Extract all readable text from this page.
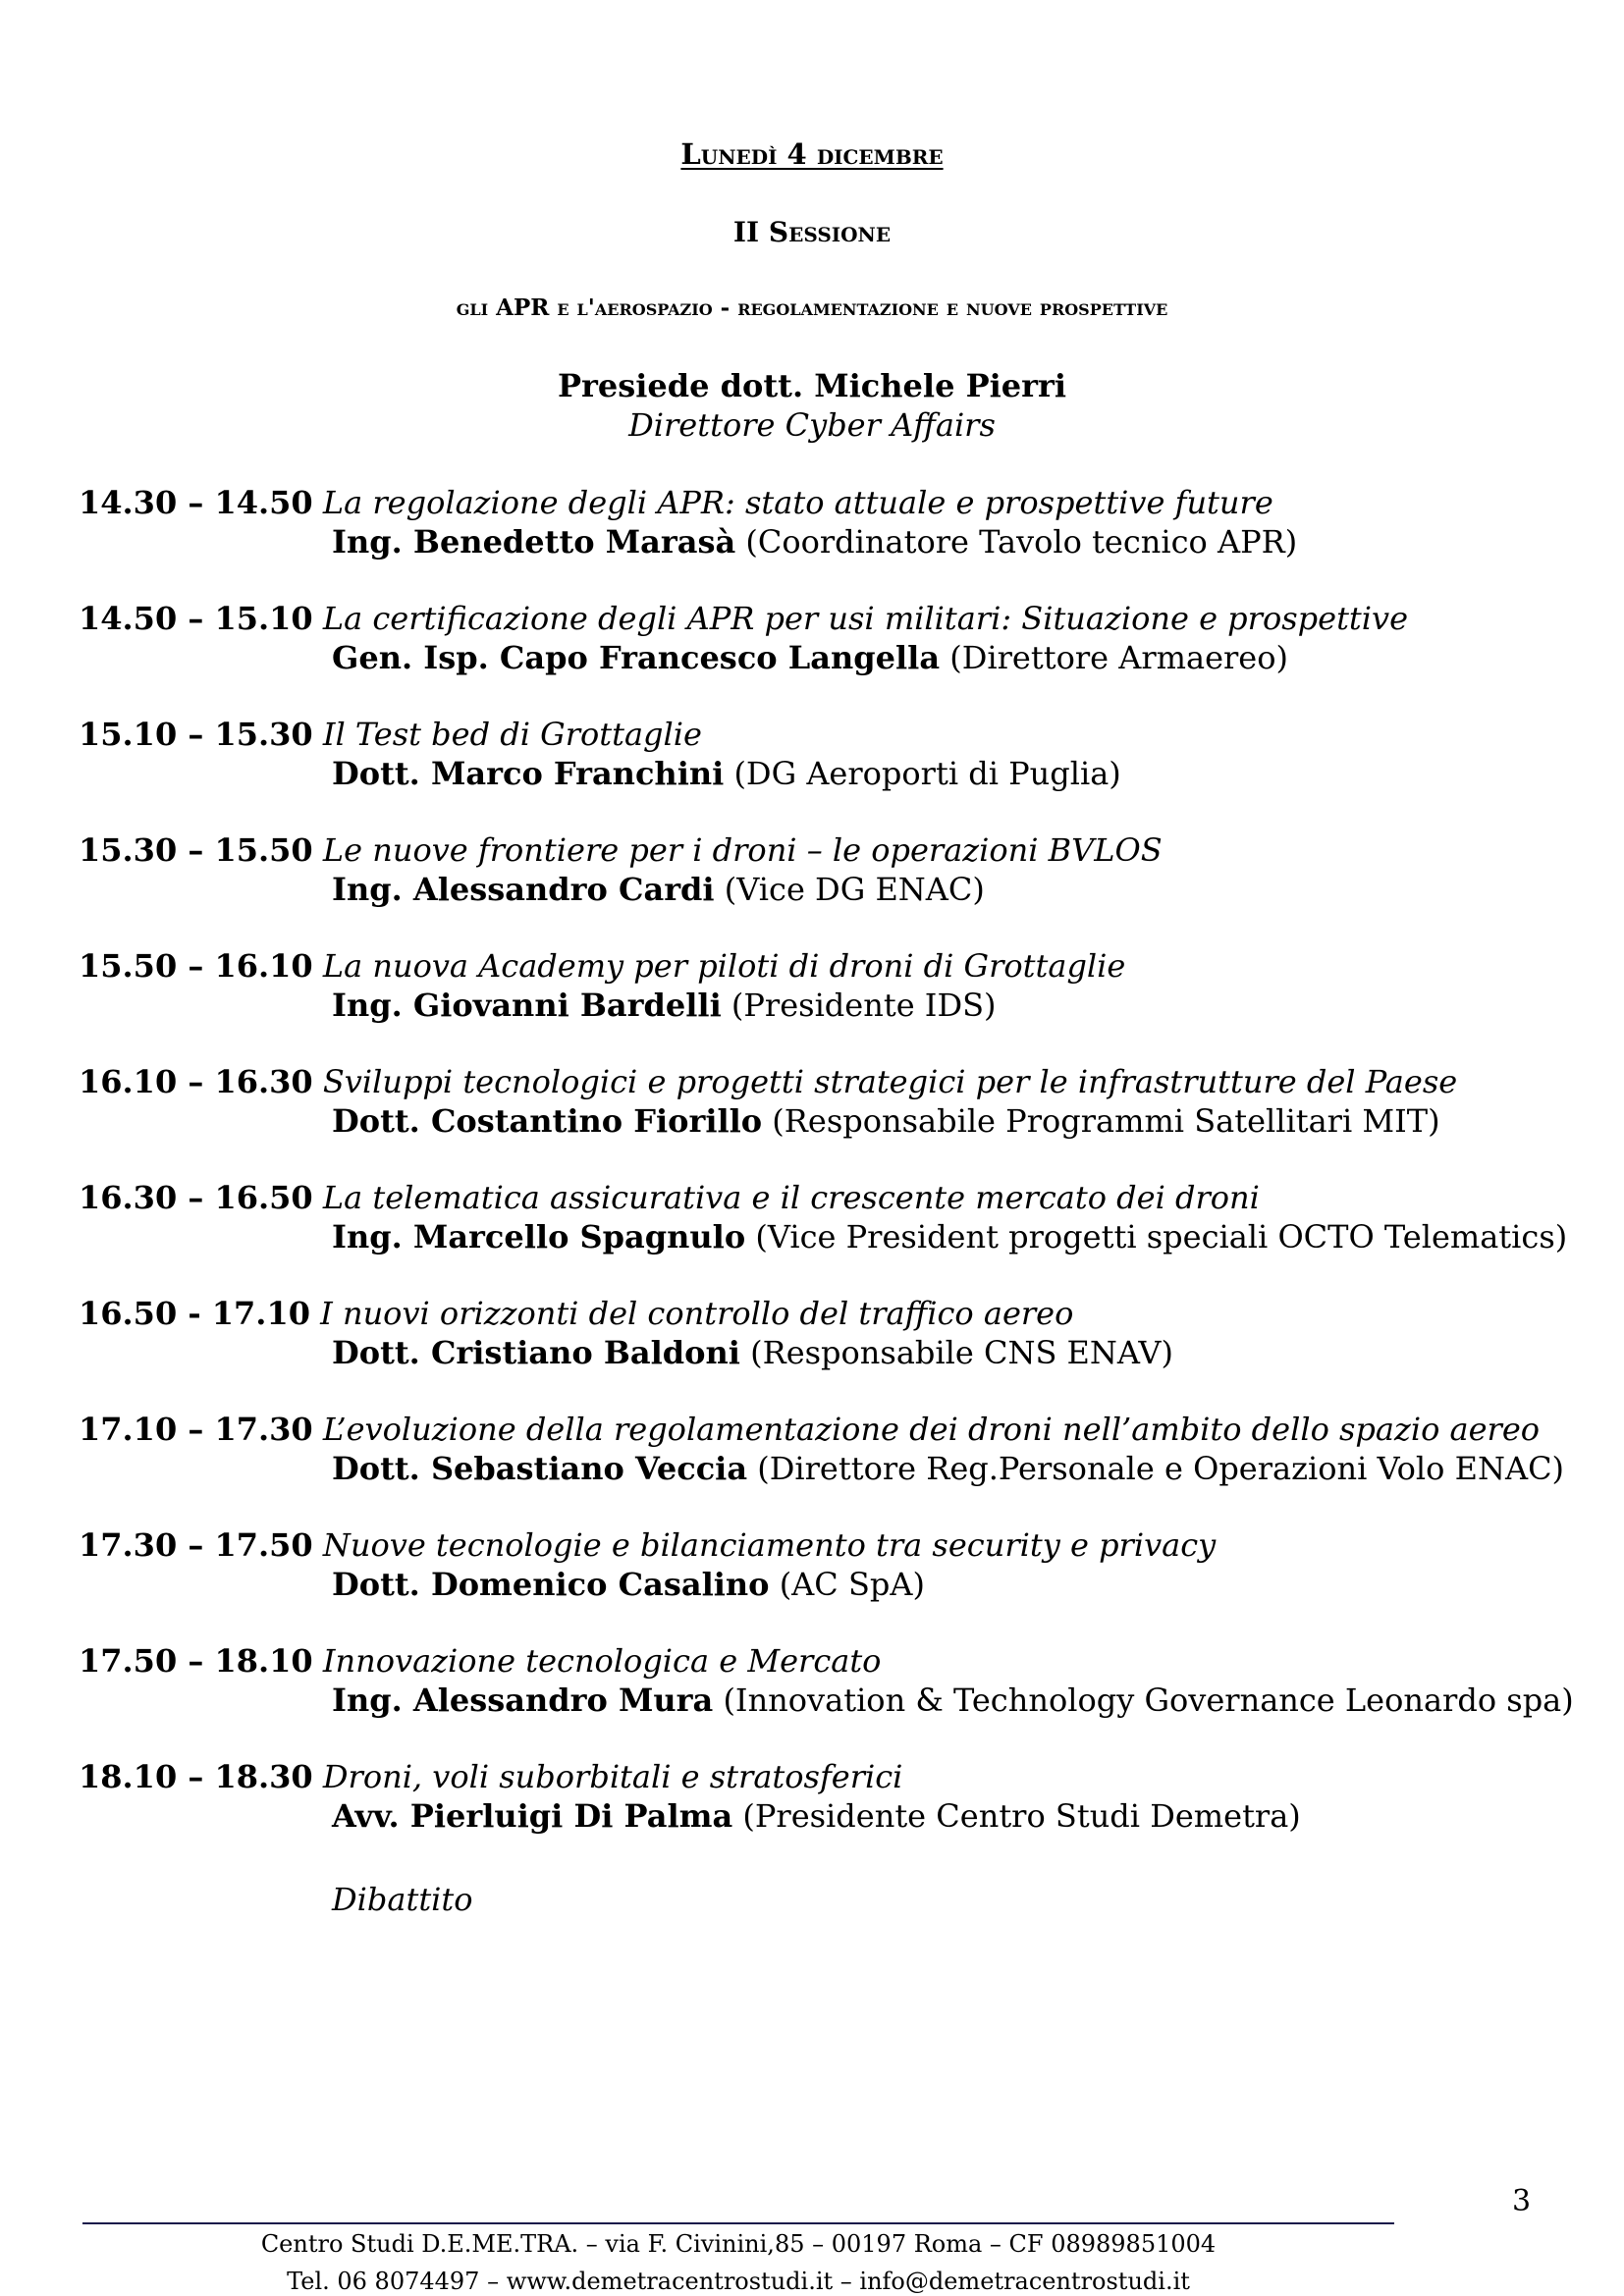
Lunedì 4 dicembre
II Sessione
gli APR e l'aerospazio - regolamentazione e nuove prospettive
Presiede dott. Michele Pierri
Direttore Cyber Affairs
14.30 – 14.50 La regolazione degli APR: stato attuale e prospettive future
Ing. Benedetto Marasà (Coordinatore Tavolo tecnico APR)
14.50 – 15.10 La certificazione degli APR per usi militari: Situazione e prospettive
Gen. Isp. Capo Francesco Langella (Direttore Armaereo)
15.10 – 15.30 Il Test bed di Grottaglie
Dott. Marco Franchini (DG Aeroporti di Puglia)
15.30 – 15.50 Le nuove frontiere per i droni – le operazioni BVLOS
Ing. Alessandro Cardi (Vice DG ENAC)
15.50 – 16.10 La nuova Academy per piloti di droni di Grottaglie
Ing. Giovanni Bardelli (Presidente IDS)
16.10 – 16.30 Sviluppi tecnologici e progetti strategici per le infrastrutture del Paese
Dott. Costantino Fiorillo (Responsabile Programmi Satellitari MIT)
16.30 – 16.50 La telematica assicurativa e il crescente mercato dei droni
Ing. Marcello Spagnulo (Vice President progetti speciali OCTO Telematics)
16.50 - 17.10 I nuovi orizzonti del controllo del traffico aereo
Dott. Cristiano Baldoni (Responsabile CNS ENAV)
17.10 – 17.30 L’evoluzione della regolamentazione dei droni nell’ambito dello spazio aereo
Dott. Sebastiano Veccia (Direttore Reg.Personale e Operazioni Volo ENAC)
17.30 – 17.50 Nuove tecnologie e bilanciamento tra security e privacy
Dott. Domenico Casalino (AC SpA)
17.50 – 18.10 Innovazione tecnologica e Mercato
Ing. Alessandro Mura (Innovation & Technology Governance Leonardo spa)
18.10 – 18.30 Droni, voli suborbitali e stratosferici
Avv. Pierluigi Di Palma (Presidente Centro Studi Demetra)
Dibattito
3
Centro Studi D.E.ME.TRA. – via F. Civinini,85 – 00197 Roma – CF 08989851004
Tel. 06 8074497 – www.demetracentrostudi.it – info@demetracentrostudi.it
